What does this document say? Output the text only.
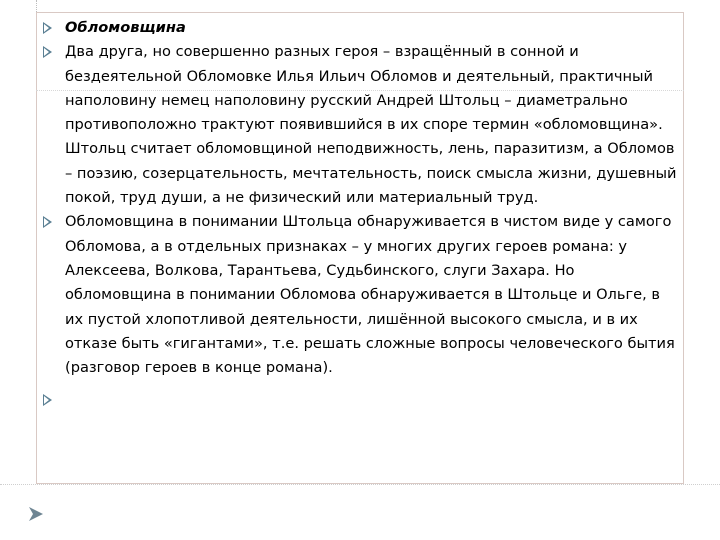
Обломовщина
Два друга, но совершенно разных героя – взращённый в сонной и бездеятельной Обломовке Илья Ильич Обломов и деятельный, практичный наполовину немец наполовину русский Андрей Штольц – диаметрально противоположно трактуют появившийся в их споре термин «обломовщина». Штольц считает обломовщиной неподвижность, лень, паразитизм, а Обломов – поэзию, созерцательность, мечтательность, поиск смысла жизни, душевный покой, труд души, а не физический или материальный труд.
Обломовщина в понимании Штольца обнаруживается в чистом виде у самого Обломова, а в отдельных признаках – у многих других героев романа: у Алексеева, Волкова, Тарантьева, Судьбинского, слуги Захара. Но обломовщина в понимании Обломова обнаруживается в Штольце и Ольге, в их пустой хлопотливой деятельности, лишённой высокого смысла, и в их отказе быть «гигантами», т.е. решать сложные вопросы человеческого бытия (разговор героев в конце романа).
